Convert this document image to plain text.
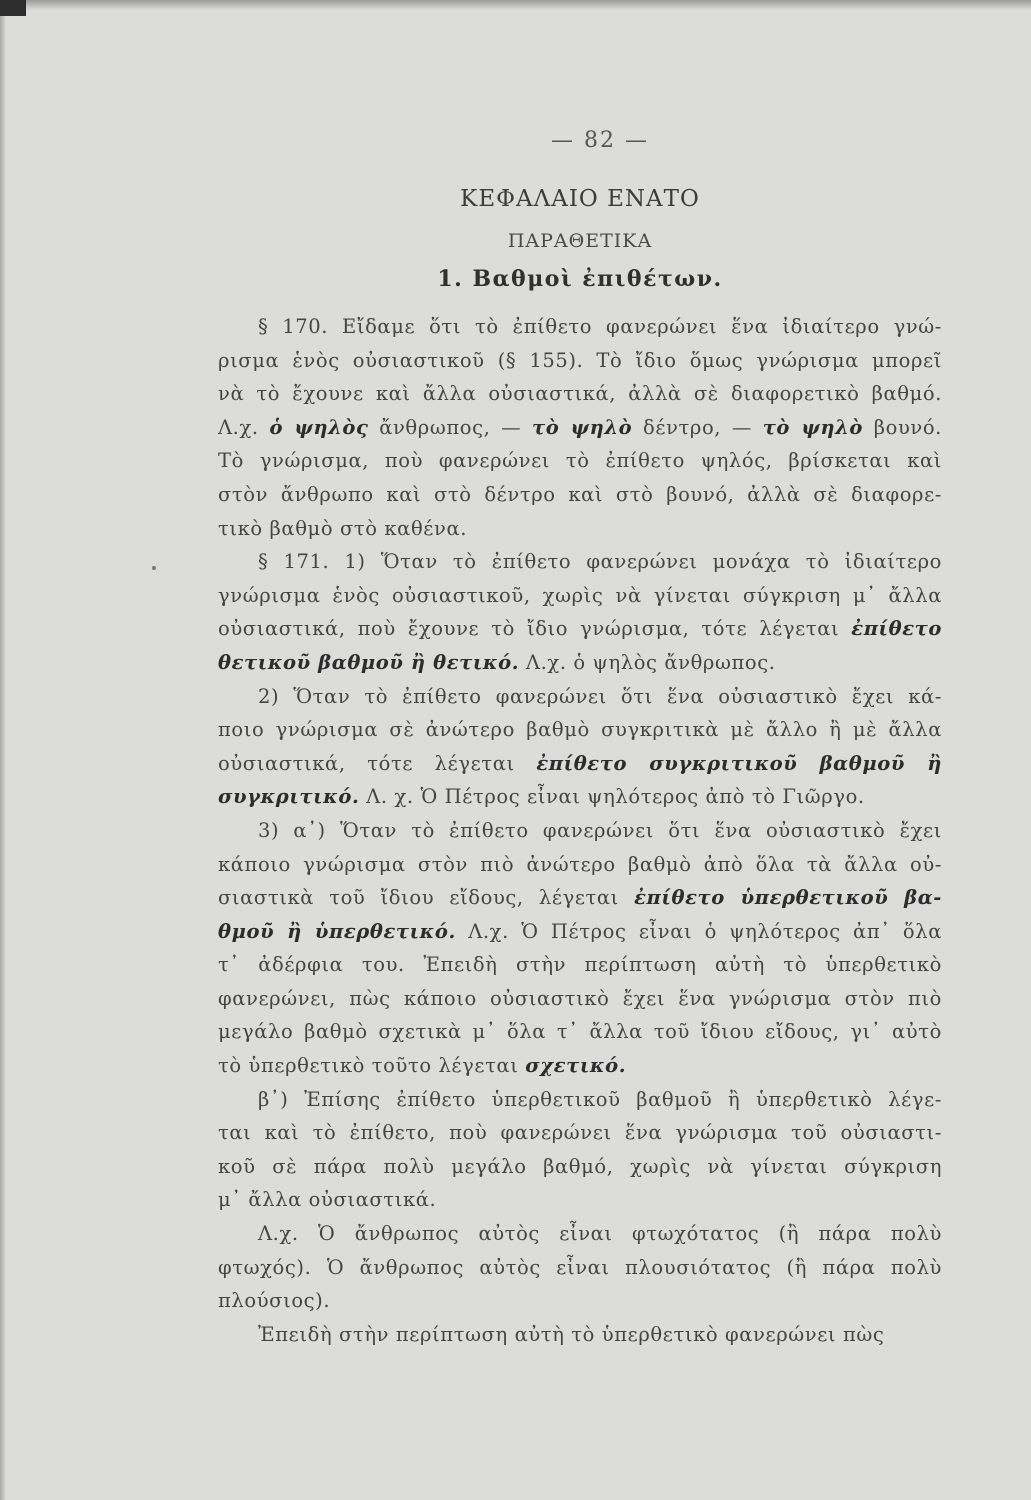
— 82 —
ΚΕΦΑΛΑΙΟ ΕΝΑΤΟ
ΠΑΡΑΘΕΤΙΚΑ
1. Βαθμοὶ ἐπιθέτων.
§ 170. Εἴδαμε ὅτι τὸ ἐπίθετο φανερώνει ἕνα ἰδιαίτερο γνώ-
ρισμα ἑνὸς οὐσιαστικοῦ (§ 155). Τὸ ἴδιο ὅμως γνώρισμα μπορεῖ
νὰ τὸ ἔχουνε καὶ ἄλλα οὐσιαστικά, ἀλλὰ σὲ διαφορετικὸ βαθμό.
Λ.χ. ὁ ψηλὸς ἄνθρωπος, — τὸ ψηλὸ δέντρο, — τὸ ψηλὸ βουνό.
Τὸ γνώρισμα, ποὺ φανερώνει τὸ ἐπίθετο ψηλός, βρίσκεται καὶ
στὸν ἄνθρωπο καὶ στὸ δέντρο καὶ στὸ βουνό, ἀλλὰ σὲ διαφορε-
τικὸ βαθμὸ στὸ καθένα.
§ 171. 1) Ὅταν τὸ ἐπίθετο φανερώνει μονάχα τὸ ἰδιαίτερο
γνώρισμα ἑνὸς οὐσιαστικοῦ, χωρὶς νὰ γίνεται σύγκριση μ᾽ ἄλλα
οὐσιαστικά, ποὺ ἔχουνε τὸ ἴδιο γνώρισμα, τότε λέγεται ἐπίθετο
θετικοῦ βαθμοῦ ἢ θετικό. Λ.χ. ὁ ψηλὸς ἄνθρωπος.
2) Ὅταν τὸ ἐπίθετο φανερώνει ὅτι ἕνα οὐσιαστικὸ ἔχει κά-
ποιο γνώρισμα σὲ ἀνώτερο βαθμὸ συγκριτικὰ μὲ ἄλλο ἢ μὲ ἄλλα
οὐσιαστικά, τότε λέγεται ἐπίθετο συγκριτικοῦ βαθμοῦ ἢ
συγκριτικό. Λ. χ. Ὁ Πέτρος εἶναι ψηλότερος ἀπὸ τὸ Γιῶργο.
3) α᾽) Ὅταν τὸ ἐπίθετο φανερώνει ὅτι ἕνα οὐσιαστικὸ ἔχει
κάποιο γνώρισμα στὸν πιὸ ἀνώτερο βαθμὸ ἀπὸ ὅλα τὰ ἄλλα οὐ-
σιαστικὰ τοῦ ἴδιου εἴδους, λέγεται ἐπίθετο ὑπερθετικοῦ βα-
θμοῦ ἢ ὑπερθετικό. Λ.χ. Ὁ Πέτρος εἶναι ὁ ψηλότερος ἀπ᾽ ὅλα
τ᾽ ἀδέρφια του. Ἐπειδὴ στὴν περίπτωση αὐτὴ τὸ ὑπερθετικὸ
φανερώνει, πὼς κάποιο οὐσιαστικὸ ἔχει ἕνα γνώρισμα στὸν πιὸ
μεγάλο βαθμὸ σχετικὰ μ᾽ ὅλα τ᾽ ἄλλα τοῦ ἴδιου εἴδους, γι᾽ αὐτὸ
τὸ ὑπερθετικὸ τοῦτο λέγεται σχετικό.
β᾽) Ἐπίσης ἐπίθετο ὑπερθετικοῦ βαθμοῦ ἢ ὑπερθετικὸ λέγε-
ται καὶ τὸ ἐπίθετο, ποὺ φανερώνει ἕνα γνώρισμα τοῦ οὐσιαστι-
κοῦ σὲ πάρα πολὺ μεγάλο βαθμό, χωρὶς νὰ γίνεται σύγκριση
μ᾽ ἄλλα οὐσιαστικά.
Λ.χ. Ὁ ἄνθρωπος αὐτὸς εἶναι φτωχότατος (ἢ πάρα πολὺ
φτωχός). Ὁ ἄνθρωπος αὐτὸς εἶναι πλουσιότατος (ἢ πάρα πολὺ
πλούσιος).
Ἐπειδὴ στὴν περίπτωση αὐτὴ τὸ ὑπερθετικὸ φανερώνει πὼς
